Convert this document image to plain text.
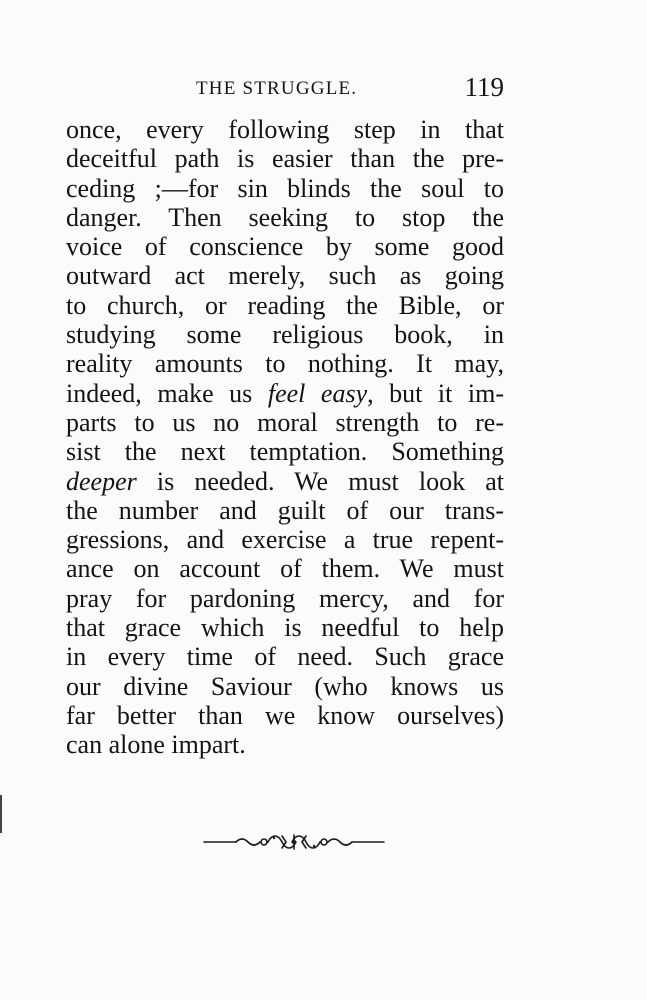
THE STRUGGLE.	119
once, every following step in that
deceitful path is easier than the pre-
ceding ;—for sin blinds the soul to
danger. Then seeking to stop the
voice of conscience by some good
outward act merely, such as going
to church, or reading the Bible, or
studying some religious book, in
reality amounts to nothing. It may,
indeed, make us feel easy, but it im-
parts to us no moral strength to re-
sist the next temptation. Something
deeper is needed. We must look at
the number and guilt of our trans-
gressions, and exercise a true repent-
ance on account of them. We must
pray for pardoning mercy, and for
that grace which is needful to help
in every time of need. Such grace
our divine Saviour (who knows us
far better than we know ourselves)
can alone impart.
